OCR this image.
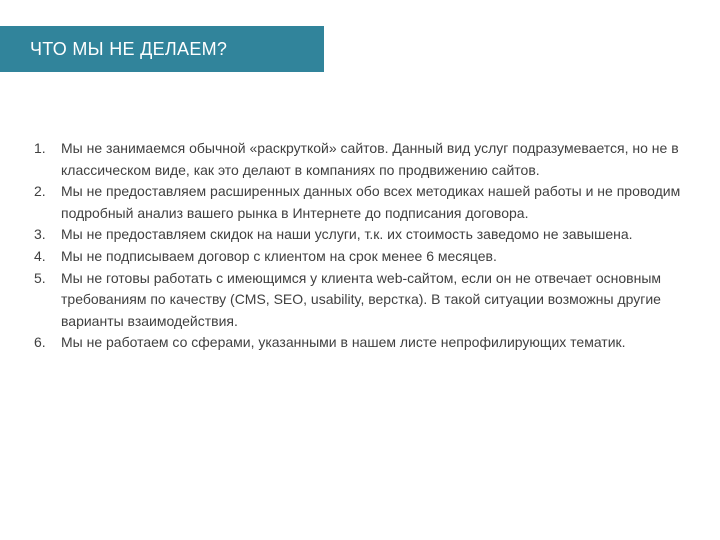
ЧТО МЫ НЕ ДЕЛАЕМ?
1. Мы не занимаемся обычной «раскруткой» сайтов. Данный вид услуг подразумевается, но не в классическом виде, как это делают в компаниях по продвижению сайтов.
2. Мы не предоставляем расширенных данных обо всех методиках нашей работы и не проводим подробный анализ вашего рынка в Интернете до подписания договора.
3. Мы не предоставляем скидок на наши услуги, т.к. их стоимость заведомо не завышена.
4. Мы не подписываем договор с клиентом на срок менее 6 месяцев.
5. Мы не готовы работать с имеющимся у клиента web-сайтом, если он не отвечает основным требованиям по качеству (CMS, SEO, usability, верстка). В такой ситуации возможны другие варианты взаимодействия.
6. Мы не работаем со сферами, указанными в нашем листе непрофилирующих тематик.
